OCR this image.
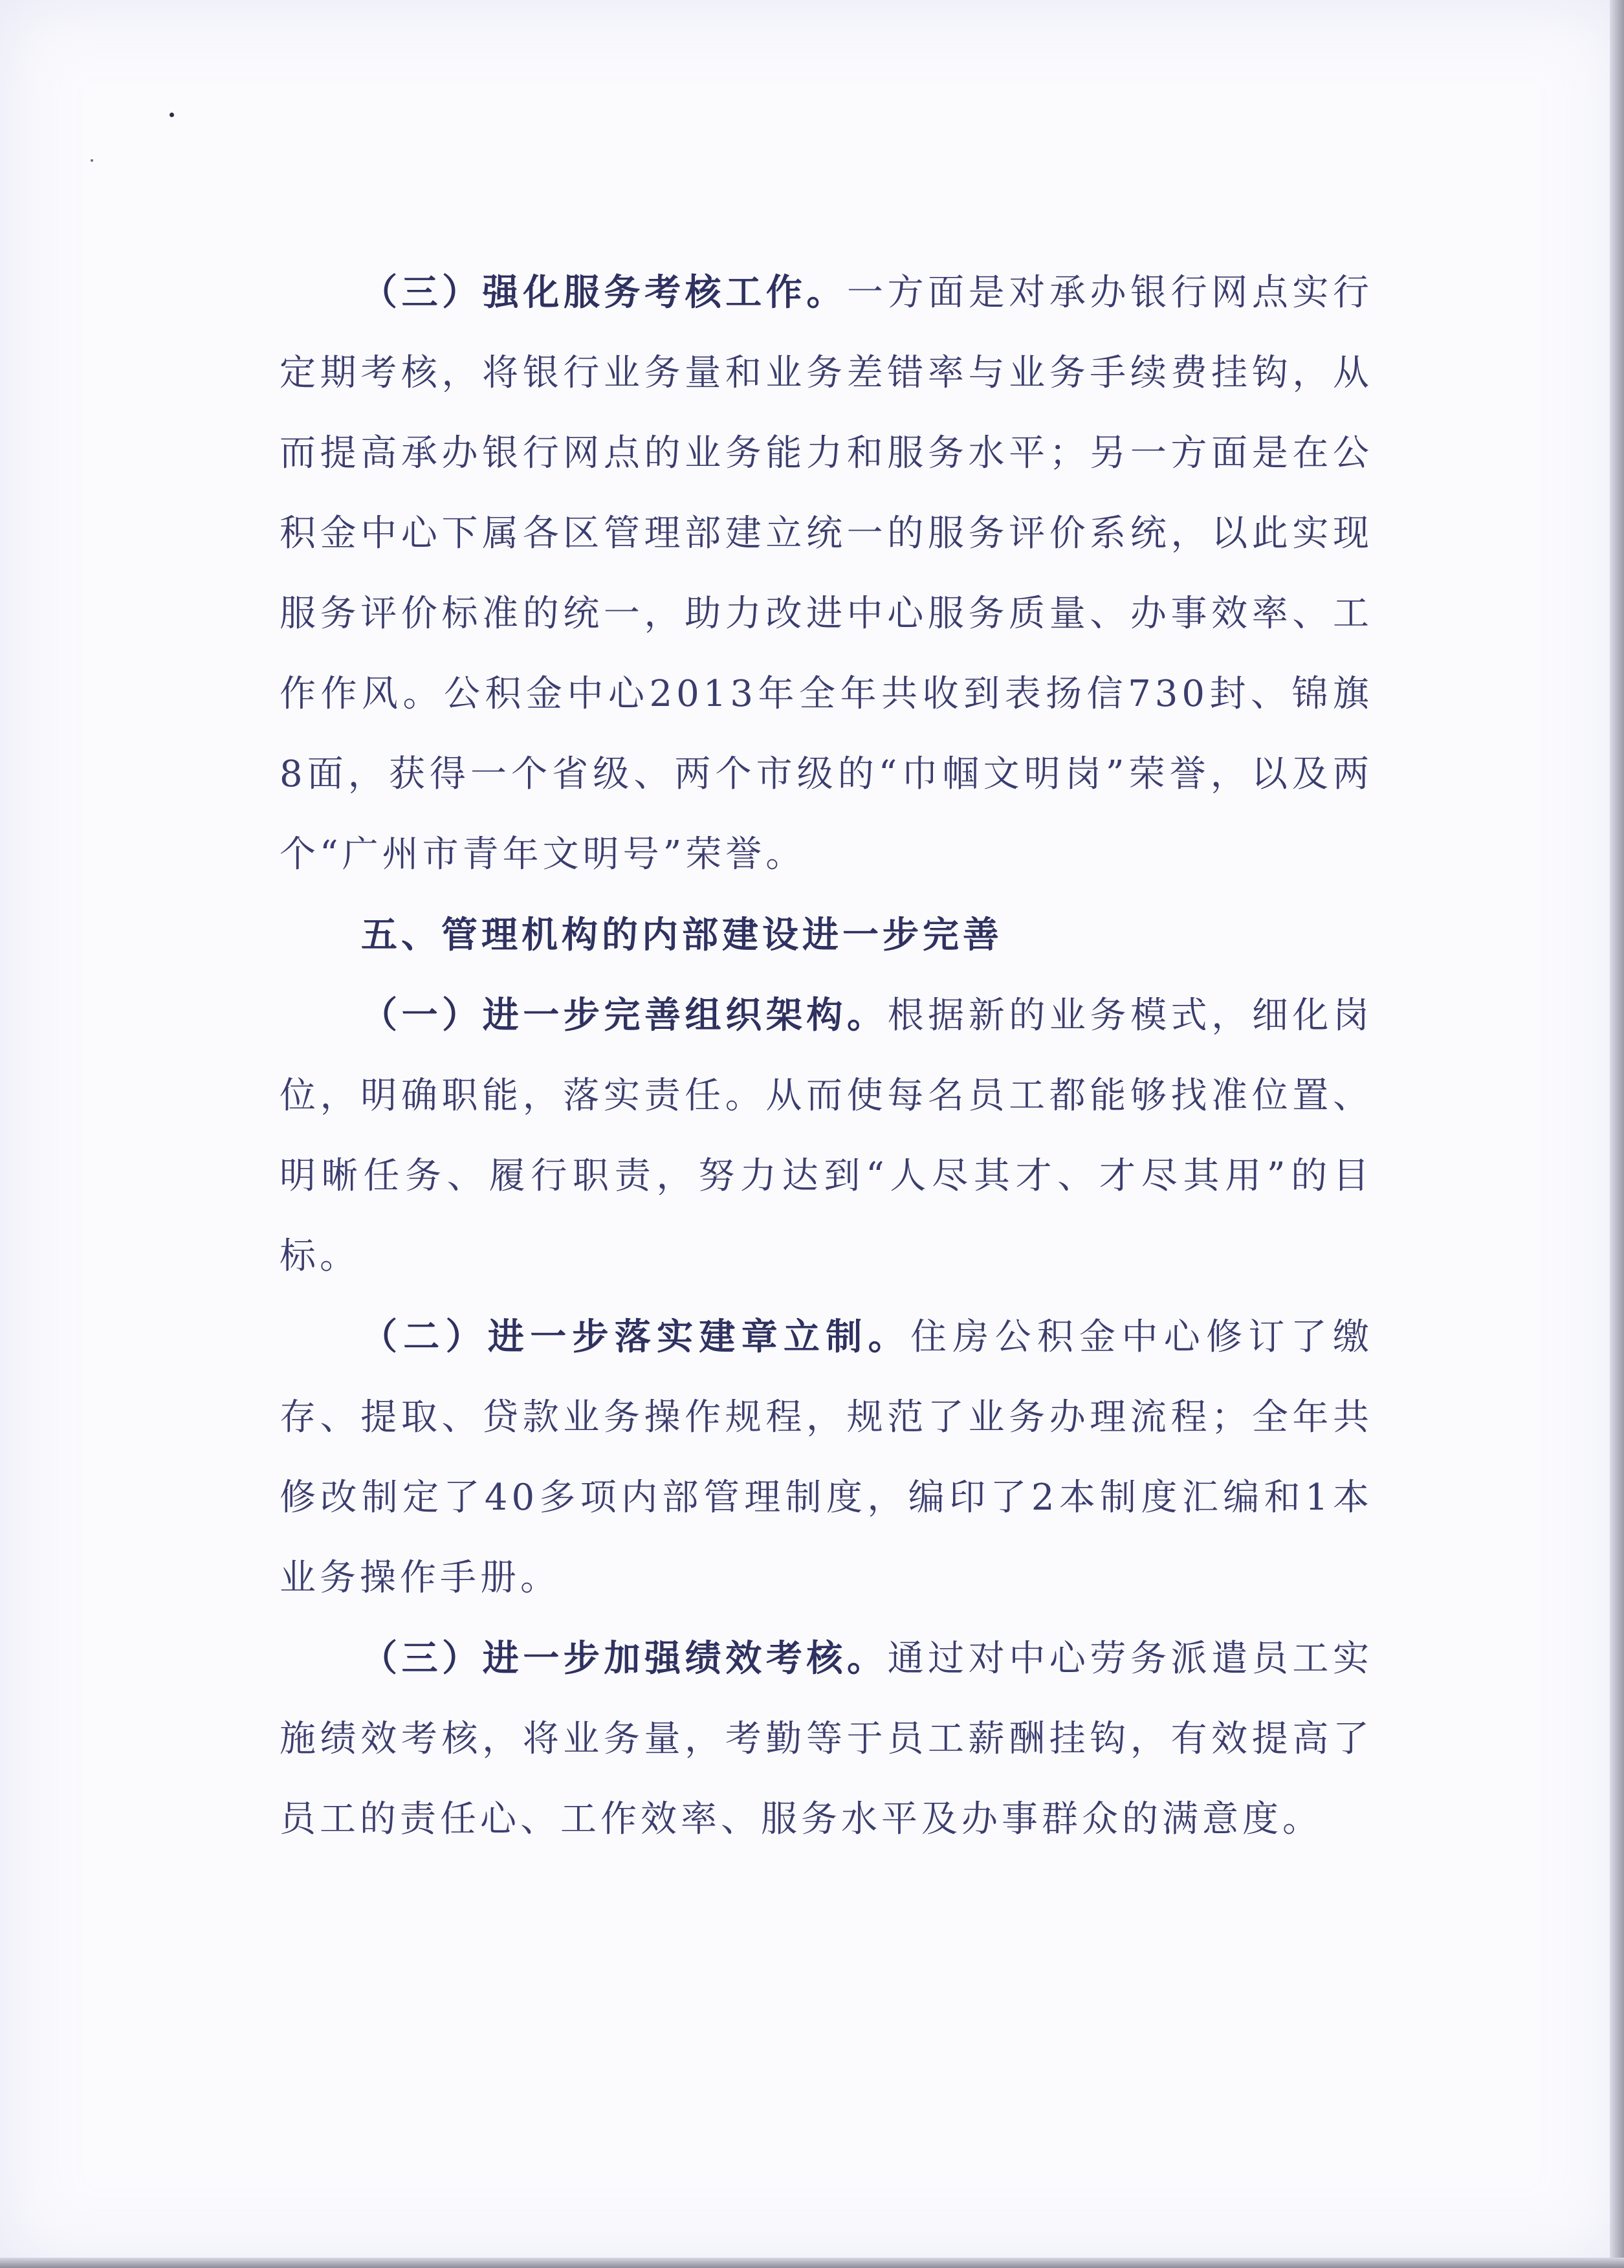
（三）强化服务考核工作。一方面是对承办银行网点实行定期考核，将银行业务量和业务差错率与业务手续费挂钩，从而提高承办银行网点的业务能力和服务水平；另一方面是在公积金中心下属各区管理部建立统一的服务评价系统，以此实现服务评价标准的统一，助力改进中心服务质量、办事效率、工作作风。公积金中心2013年全年共收到表扬信730封、锦旗8面，获得一个省级、两个市级的“巾帼文明岗”荣誉，以及两个“广州市青年文明号”荣誉。

五、管理机构的内部建设进一步完善

（一）进一步完善组织架构。根据新的业务模式，细化岗位，明确职能，落实责任。从而使每名员工都能够找准位置、明晰任务、履行职责，努力达到“人尽其才、才尽其用”的目标。

（二）进一步落实建章立制。住房公积金中心修订了缴存、提取、贷款业务操作规程，规范了业务办理流程；全年共修改制定了40多项内部管理制度，编印了2本制度汇编和1本业务操作手册。

（三）进一步加强绩效考核。通过对中心劳务派遣员工实施绩效考核，将业务量，考勤等于员工薪酬挂钩，有效提高了员工的责任心、工作效率、服务水平及办事群众的满意度。
